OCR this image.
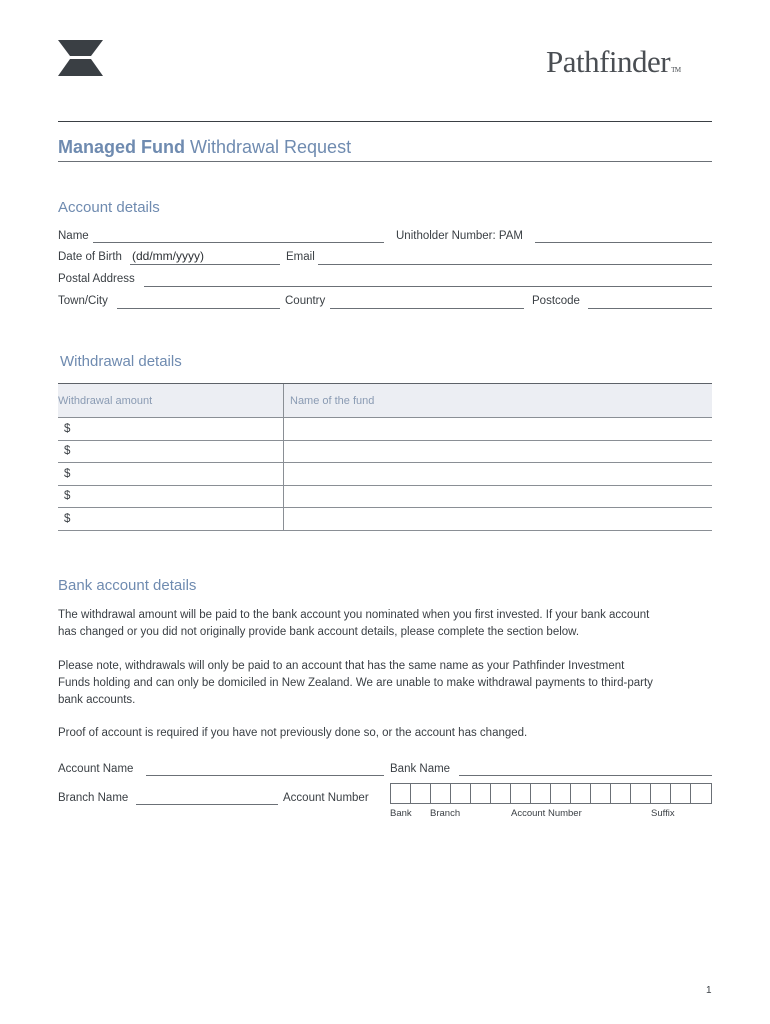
PathfinderTM
Managed Fund Withdrawal Request
Account details
Name	Unitholder Number: PAM
Date of Birth (dd/mm/yyyy)	Email
Postal Address
Town/City	Country	Postcode
Withdrawal details
Withdrawal amount	Name of the fund
$
$
$
$
$
Bank account details
The withdrawal amount will be paid to the bank account you nominated when you first invested. If your bank account
has changed or you did not originally provide bank account details, please complete the section below.
Please note, withdrawals will only be paid to an account that has the same name as your Pathfinder Investment
Funds holding and can only be domiciled in New Zealand. We are unable to make withdrawal payments to third-party
bank accounts.
Proof of account is required if you have not previously done so, or the account has changed.
Account Name	Bank Name
Branch Name	Account Number
Bank Branch	Account Number	Suffix
1
